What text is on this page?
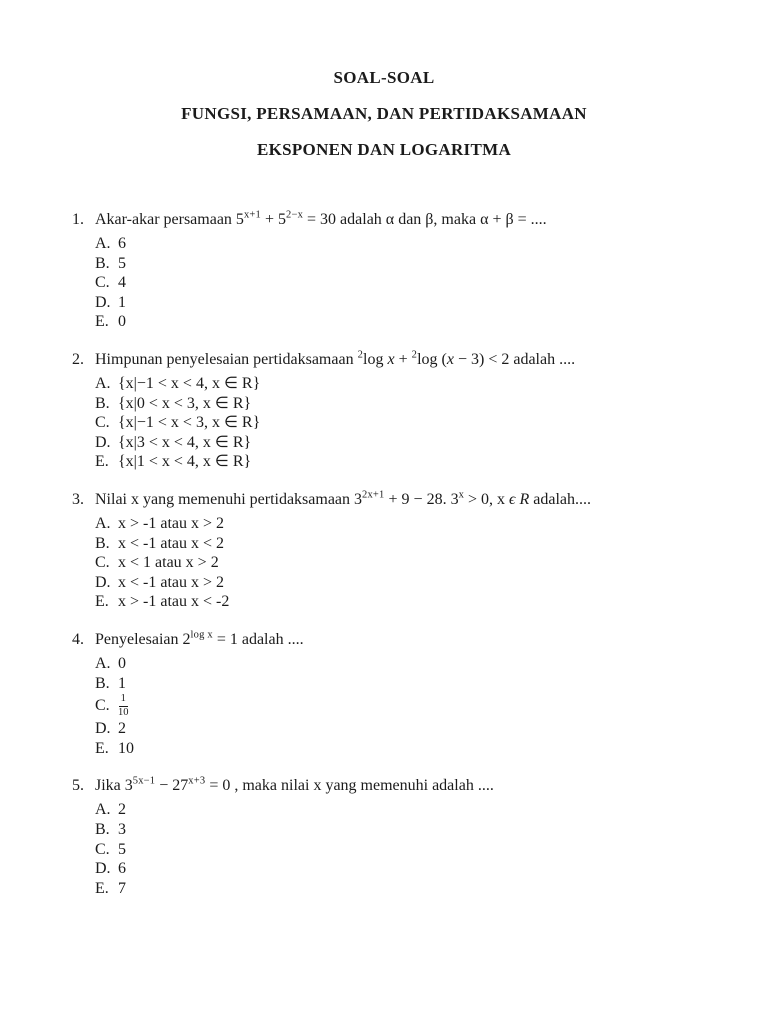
SOAL-SOAL

FUNGSI, PERSAMAAN, DAN PERTIDAKSAMAAN

EKSPONEN DAN LOGARITMA

1. Akar-akar persamaan $5^{x+1} + 5^{2-x} = 30$ adalah α dan β, maka α + β = ....
A. 6
B. 5
C. 4
D. 1
E. 0
2. Himpunan penyelesaian pertidaksamaan $^2$log x + $^2$log (x − 3) < 2 adalah ....
A. {x|−1 < x < 4, x ∈ R}
B. {x|0 < x < 3, x ∈ R}
C. {x|−1 < x < 3, x ∈ R}
D. {x|3 < x < 4, x ∈ R}
E. {x|1 < x < 4, x ∈ R}
3. Nilai x yang memenuhi pertidaksamaan $3^{2x+1} + 9 - 28$. $3^x > 0$, x ϵ R adalah....
A. x > -1 atau x > 2
B. x < -1 atau x < 2
C. x < 1 atau x > 2
D. x < -1 atau x > 2
E. x > -1 atau x < -2
4. Penyelesaian $2^{log x} = 1$ adalah ....
A. 0
B. 1
C. $\frac{1}{10}$
D. 2
E. 10
5. Jika $3^{5x-1} - 27^{x+3} = 0$ , maka nilai x yang memenuhi adalah ....
A. 2
B. 3
C. 5
D. 6
E. 7
